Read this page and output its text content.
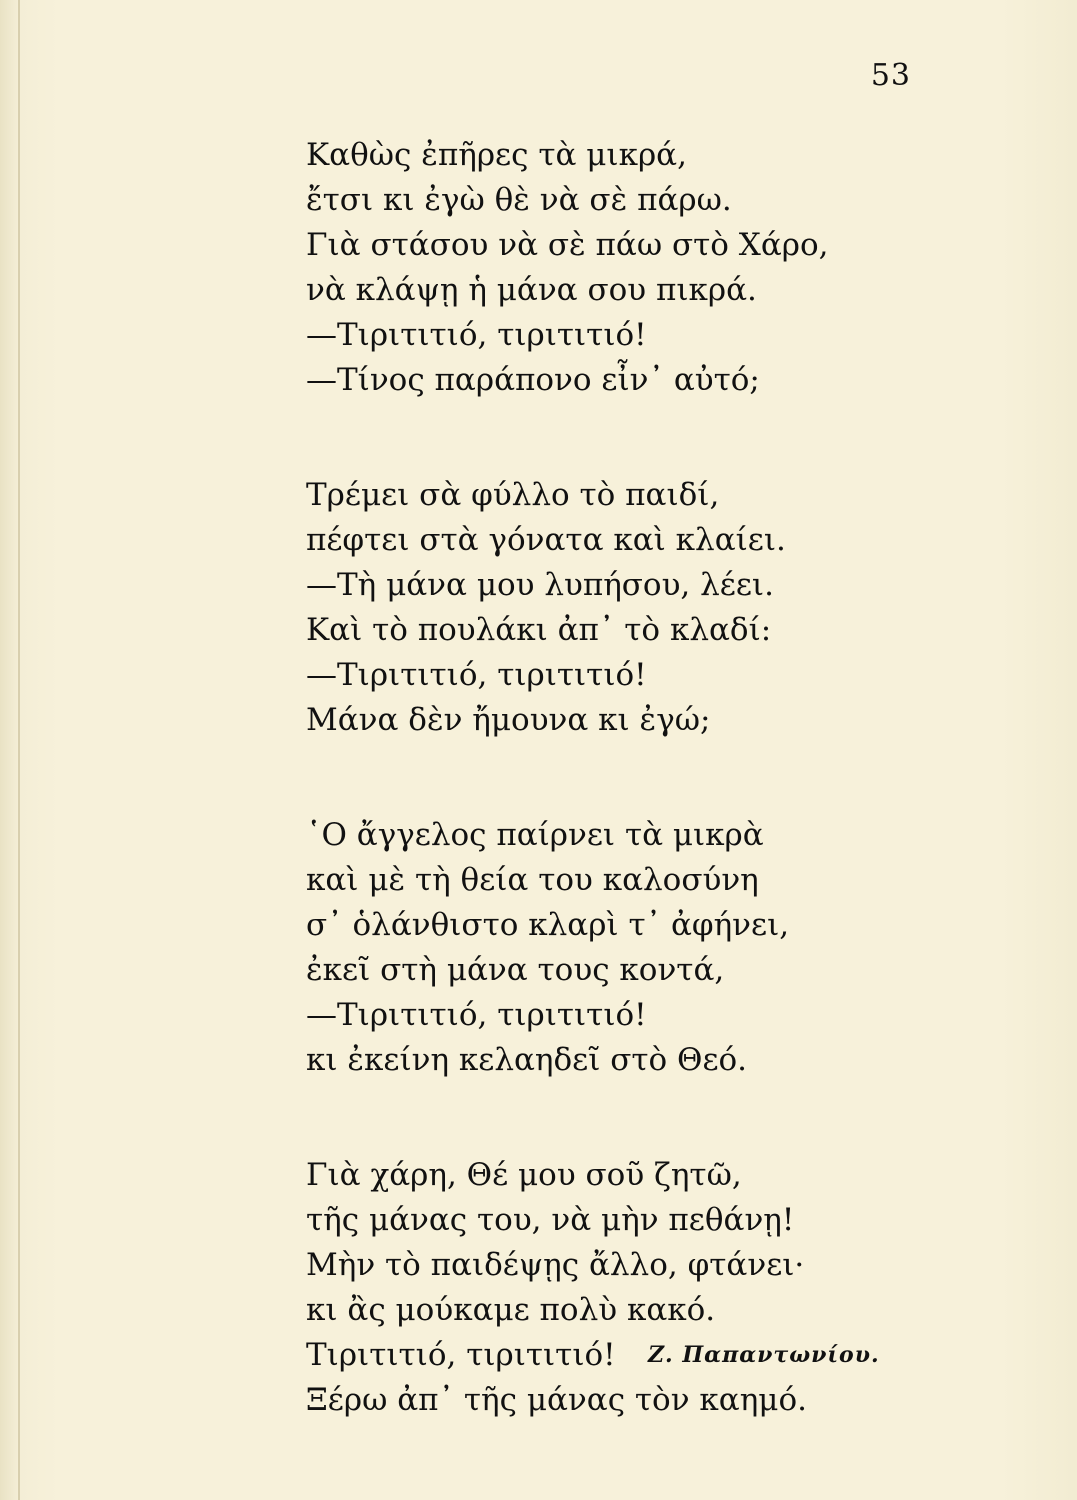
53
Καθὼς ἐπῆρες τὰ μικρά,
ἔτσι κι ἐγὼ θὲ νὰ σὲ πάρω.
Γιὰ στάσου νὰ σὲ πάω στὸ Χάρο,
νὰ κλάψῃ ἡ μάνα σου πικρά.
—Τιριτιτιό, τιριτιτιό!
—Τίνος παράπονο εἶν᾿ αὐτό;
Τρέμει σὰ φύλλο τὸ παιδί,
πέφτει στὰ γόνατα καὶ κλαίει.
—Τὴ μάνα μου λυπήσου, λέει.
Καὶ τὸ πουλάκι ἀπ᾿ τὸ κλαδί:
—Τιριτιτιό, τιριτιτιό!
Μάνα δὲν ἤμουνα κι ἐγώ;
῾Ο ἄγγελος παίρνει τὰ μικρὰ
καὶ μὲ τὴ θεία του καλοσύνη
σ᾿ ὁλάνθιστο κλαρὶ τ᾿ ἀφήνει,
ἐκεῖ στὴ μάνα τους κοντά,
—Τιριτιτιό, τιριτιτιό!
κι ἐκείνη κελαηδεῖ στὸ Θεό.
Γιὰ χάρη, Θέ μου σοῦ ζητῶ,
τῆς μάνας του, νὰ μὴν πεθάνῃ!
Μὴν τὸ παιδέψῃς ἄλλο, φτάνει·
κι ἂς μούκαμε πολὺ κακό.
Τιριτιτιό, τιριτιτιό!
Ξέρω ἀπ᾿ τῆς μάνας τὸν καημό.
Ζ. Παπαντωνίου.
